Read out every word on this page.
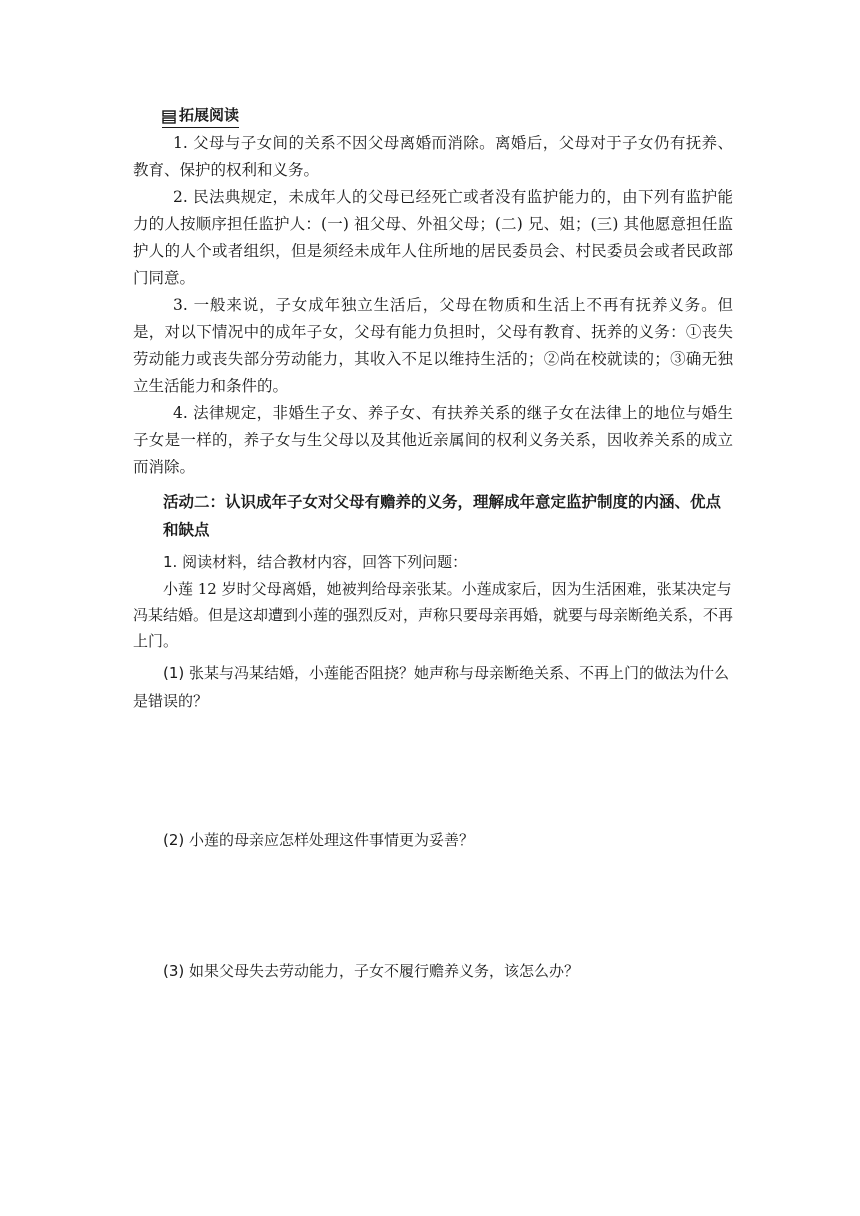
拓展阅读
1. 父母与子女间的关系不因父母离婚而消除。离婚后，父母对于子女仍有抚养、教育、保护的权利和义务。
2. 民法典规定，未成年人的父母已经死亡或者没有监护能力的，由下列有监护能力的人按顺序担任监护人：(一) 祖父母、外祖父母；(二) 兄、姐；(三) 其他愿意担任监护人的人个或者组织，但是须经未成年人住所地的居民委员会、村民委员会或者民政部门同意。
3. 一般来说，子女成年独立生活后，父母在物质和生活上不再有抚养义务。但是，对以下情况中的成年子女，父母有能力负担时，父母有教育、抚养的义务：①丧失劳动能力或丧失部分劳动能力，其收入不足以维持生活的；②尚在校就读的；③确无独立生活能力和条件的。
4. 法律规定，非婚生子女、养子女、有扶养关系的继子女在法律上的地位与婚生子女是一样的，养子女与生父母以及其他近亲属间的权利义务关系，因收养关系的成立而消除。
活动二：认识成年子女对父母有赡养的义务，理解成年意定监护制度的内涵、优点和缺点
1. 阅读材料，结合教材内容，回答下列问题：
小莲 12 岁时父母离婚，她被判给母亲张某。小莲成家后，因为生活困难，张某决定与冯某结婚。但是这却遭到小莲的强烈反对，声称只要母亲再婚，就要与母亲断绝关系，不再上门。
(1) 张某与冯某结婚，小莲能否阻挠？她声称与母亲断绝关系、不再上门的做法为什么是错误的？
(2) 小莲的母亲应怎样处理这件事情更为妥善？
(3) 如果父母失去劳动能力，子女不履行赡养义务，该怎么办？
